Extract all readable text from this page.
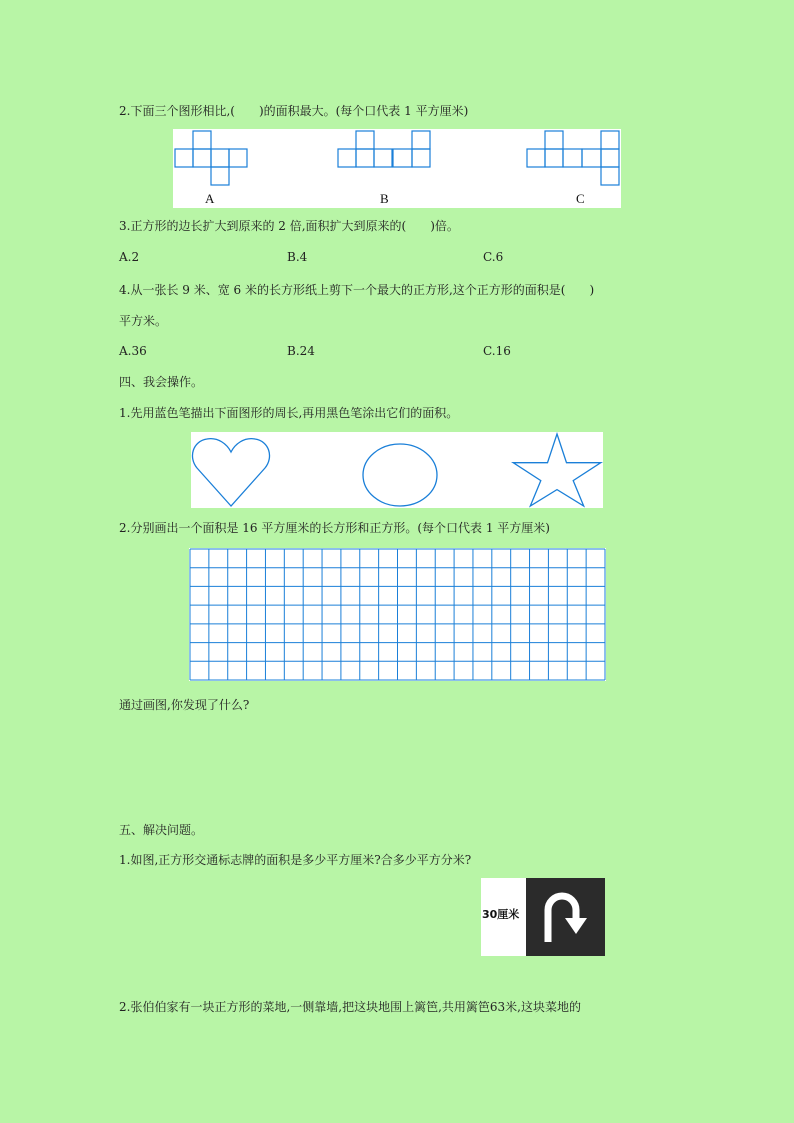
2.下面三个图形相比,(　　)的面积最大。(每个口代表 1 平方厘米)
A	B	C
3.正方形的边长扩大到原来的 2 倍,面积扩大到原来的(　　)倍。
A.2	B.4	C.6
4.从一张长 9 米、宽 6 米的长方形纸上剪下一个最大的正方形,这个正方形的面积是(　　)
平方米。
A.36	B.24	C.16
四、我会操作。
1.先用蓝色笔描出下面图形的周长,再用黑色笔涂出它们的面积。
2.分别画出一个面积是 16 平方厘米的长方形和正方形。(每个口代表 1 平方厘米)
通过画图,你发现了什么?
五、解决问题。
1.如图,正方形交通标志牌的面积是多少平方厘米?合多少平方分米?
30厘米
2.张伯伯家有一块正方形的菜地,一侧靠墙,把这块地围上篱笆,共用篱笆63米,这块菜地的
